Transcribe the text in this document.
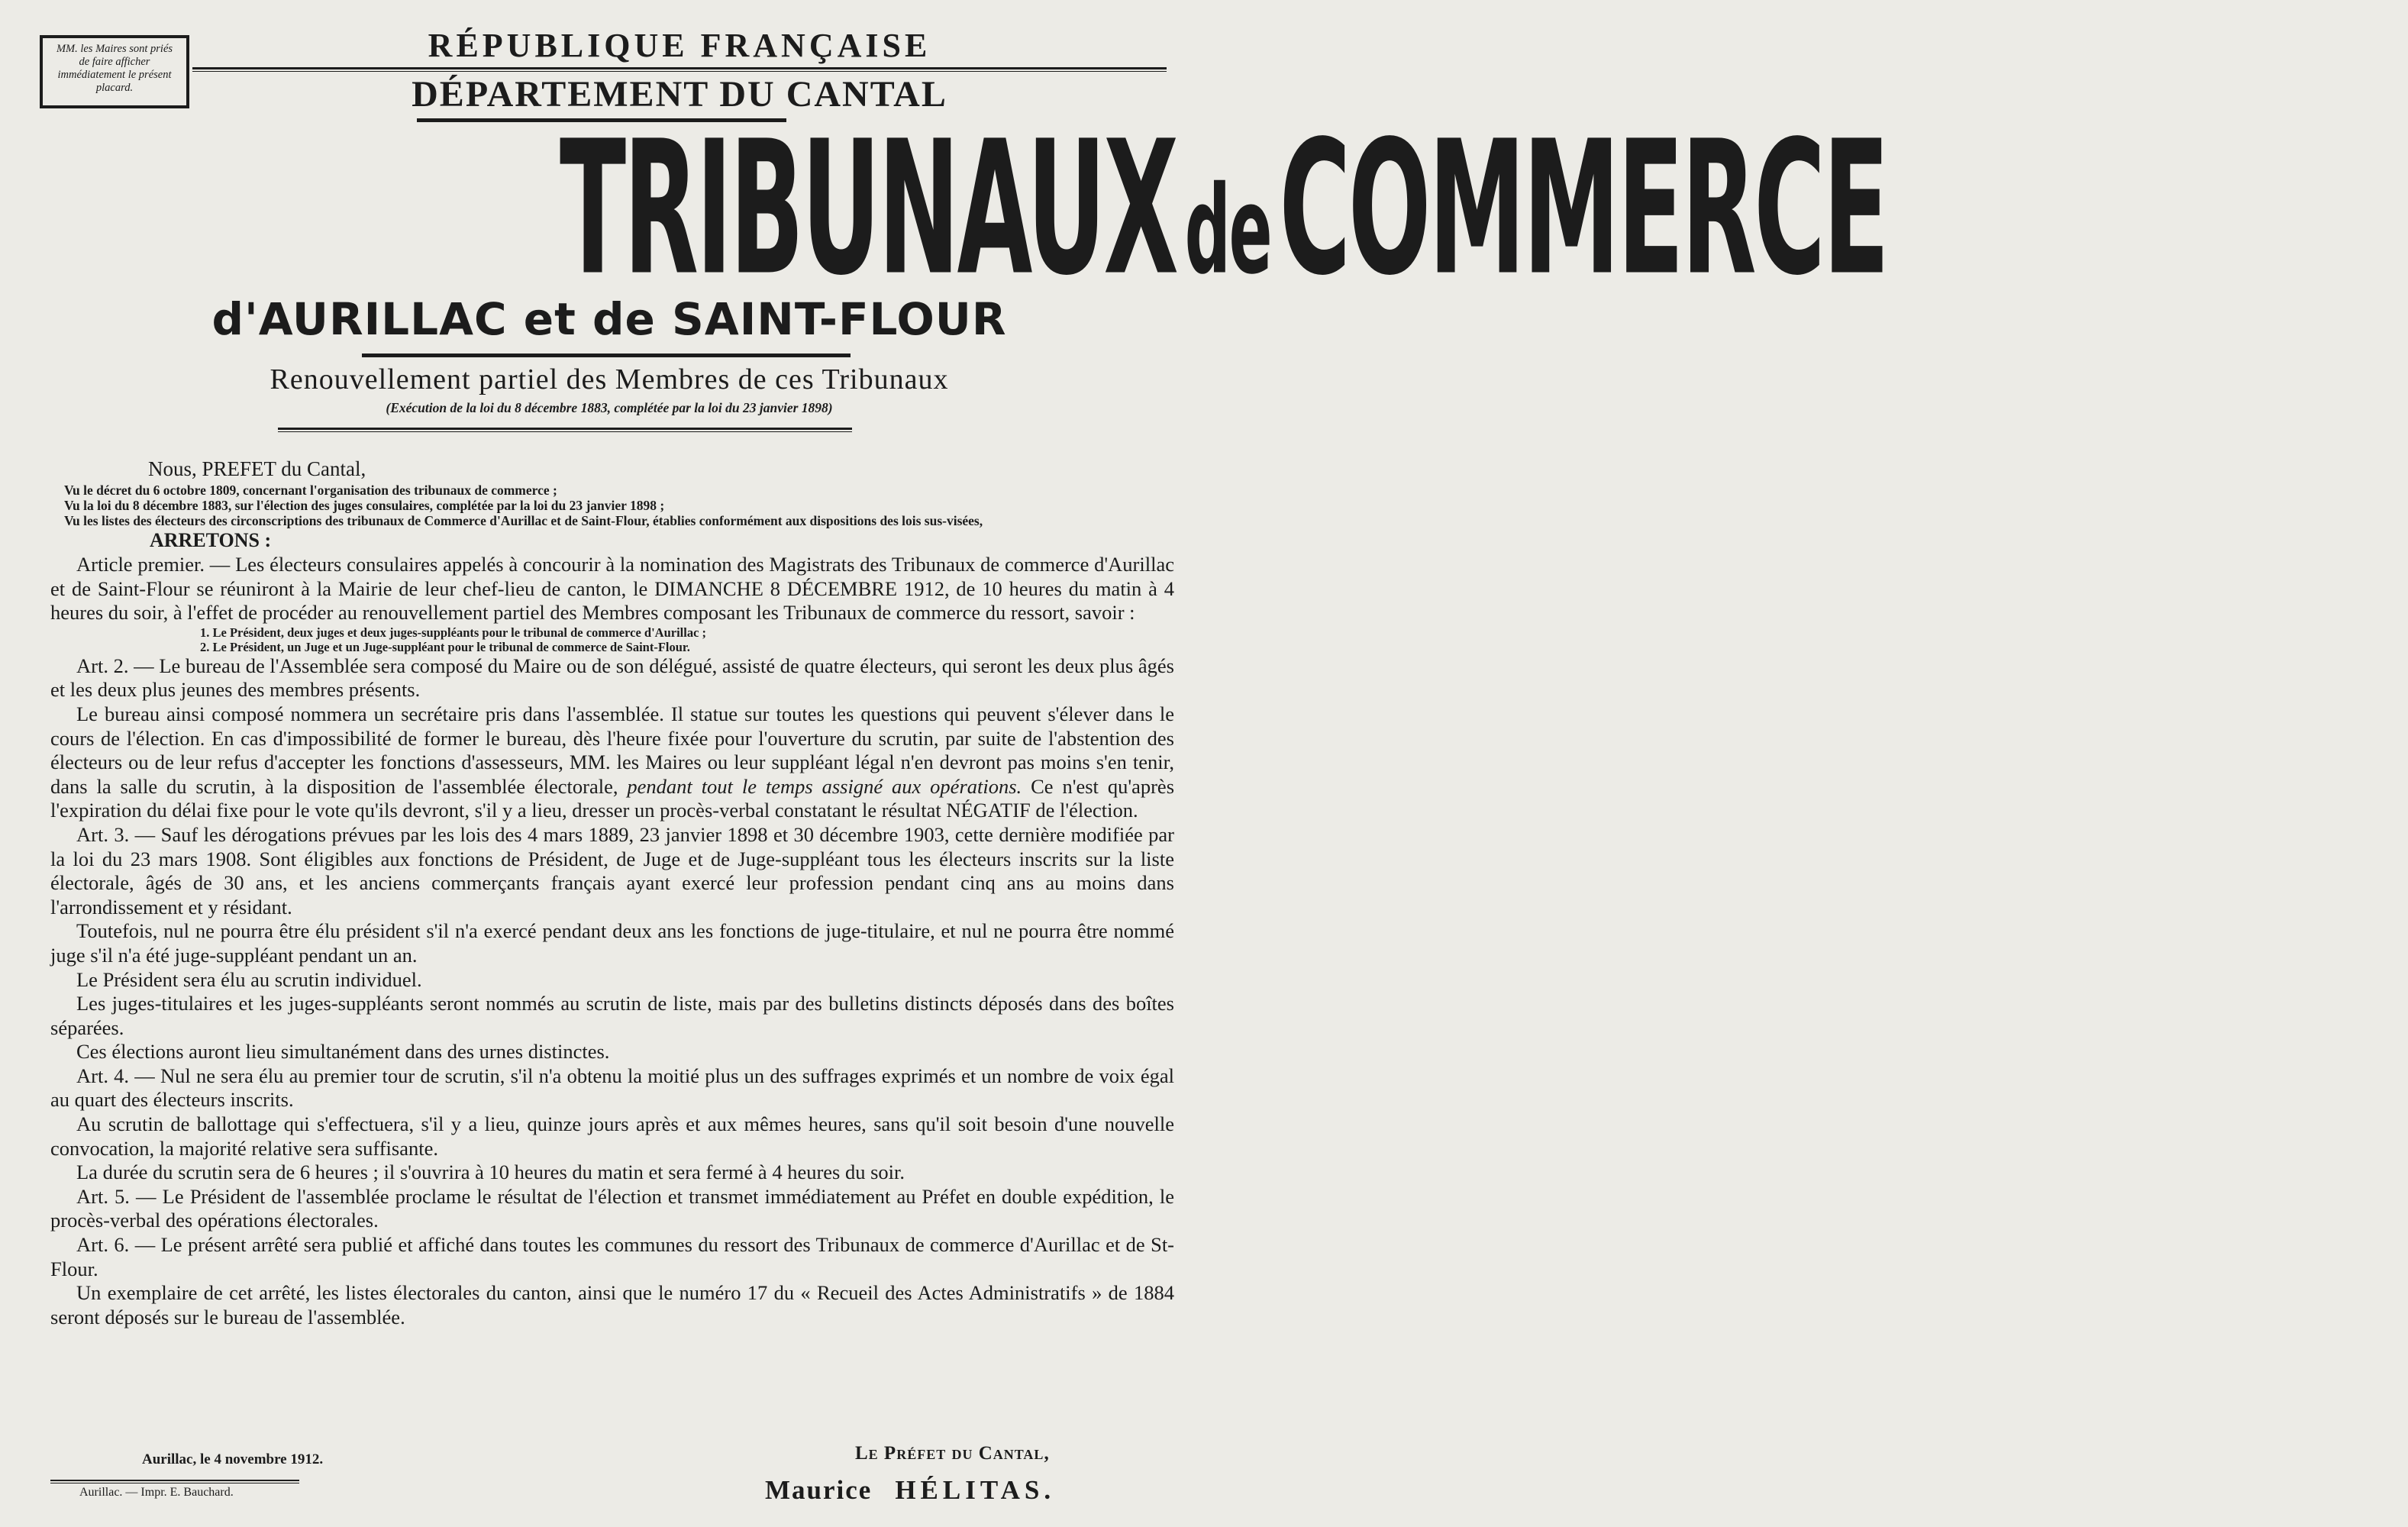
MM. les Maires sont priés de faire afficher immédiatement le présent placard.
RÉPUBLIQUE FRANÇAISE
DÉPARTEMENT DU CANTAL
TRIBUNAUXdeCOMMERCE
d'AURILLAC et de SAINT-FLOUR
Renouvellement partiel des Membres de ces Tribunaux
(Exécution de la loi du 8 décembre 1883, complétée par la loi du 23 janvier 1898)
Nous, PREFET du Cantal,
Vu le décret du 6 octobre 1809, concernant l'organisation des tribunaux de commerce ;
Vu la loi du 8 décembre 1883, sur l'élection des juges consulaires, complétée par la loi du 23 janvier 1898 ;
Vu les listes des électeurs des circonscriptions des tribunaux de Commerce d'Aurillac et de Saint-Flour, établies conformément aux dispositions des lois sus-visées,
ARRETONS :
Article premier. — Les électeurs consulaires appelés à concourir à la nomination des Magistrats des Tribunaux de commerce d'Aurillac et de Saint-Flour se réuniront à la Mairie de leur chef-lieu de canton, le DIMANCHE 8 DÉCEMBRE 1912, de 10 heures du matin à 4 heures du soir, à l'effet de procéder au renouvellement partiel des Membres composant les Tribunaux de commerce du ressort, savoir :
1. Le Président, deux juges et deux juges-suppléants pour le tribunal de commerce d'Aurillac ;
2. Le Président, un Juge et un Juge-suppléant pour le tribunal de commerce de Saint-Flour.
Art. 2. — Le bureau de l'Assemblée sera composé du Maire ou de son délégué, assisté de quatre électeurs, qui seront les deux plus âgés et les deux plus jeunes des membres présents.
Le bureau ainsi composé nommera un secrétaire pris dans l'assemblée. Il statue sur toutes les questions qui peuvent s'élever dans le cours de l'élection. En cas d'impossibilité de former le bureau, dès l'heure fixée pour l'ouverture du scrutin, par suite de l'abstention des électeurs ou de leur refus d'accepter les fonctions d'assesseurs, MM. les Maires ou leur suppléant légal n'en devront pas moins s'en tenir, dans la salle du scrutin, à la disposition de l'assemblée électorale, pendant tout le temps assigné aux opérations. Ce n'est qu'après l'expiration du délai fixe pour le vote qu'ils devront, s'il y a lieu, dresser un procès-verbal constatant le résultat NÉGATIF de l'élection.
Art. 3. — Sauf les dérogations prévues par les lois des 4 mars 1889, 23 janvier 1898 et 30 décembre 1903, cette dernière modifiée par la loi du 23 mars 1908. Sont éligibles aux fonctions de Président, de Juge et de Juge-suppléant tous les électeurs inscrits sur la liste électorale, âgés de 30 ans, et les anciens commerçants français ayant exercé leur profession pendant cinq ans au moins dans l'arrondissement et y résidant.
Toutefois, nul ne pourra être élu président s'il n'a exercé pendant deux ans les fonctions de juge-titulaire, et nul ne pourra être nommé juge s'il n'a été juge-suppléant pendant un an.
Le Président sera élu au scrutin individuel.
Les juges-titulaires et les juges-suppléants seront nommés au scrutin de liste, mais par des bulletins distincts déposés dans des boîtes séparées.
Ces élections auront lieu simultanément dans des urnes distinctes.
Art. 4. — Nul ne sera élu au premier tour de scrutin, s'il n'a obtenu la moitié plus un des suffrages exprimés et un nombre de voix égal au quart des électeurs inscrits.
Au scrutin de ballottage qui s'effectuera, s'il y a lieu, quinze jours après et aux mêmes heures, sans qu'il soit besoin d'une nouvelle convocation, la majorité relative sera suffisante.
La durée du scrutin sera de 6 heures ; il s'ouvrira à 10 heures du matin et sera fermé à 4 heures du soir.
Art. 5. — Le Président de l'assemblée proclame le résultat de l'élection et transmet immédiatement au Préfet en double expédition, le procès-verbal des opérations électorales.
Art. 6. — Le présent arrêté sera publié et affiché dans toutes les communes du ressort des Tribunaux de commerce d'Aurillac et de St-Flour.
Un exemplaire de cet arrêté, les listes électorales du canton, ainsi que le numéro 17 du « Recueil des Actes Administratifs » de 1884 seront déposés sur le bureau de l'assemblée.
Aurillac, le 4 novembre 1912.
Aurillac. — Impr. E. Bauchard.
Le Préfet du Cantal,
Maurice HÉLITAS.
